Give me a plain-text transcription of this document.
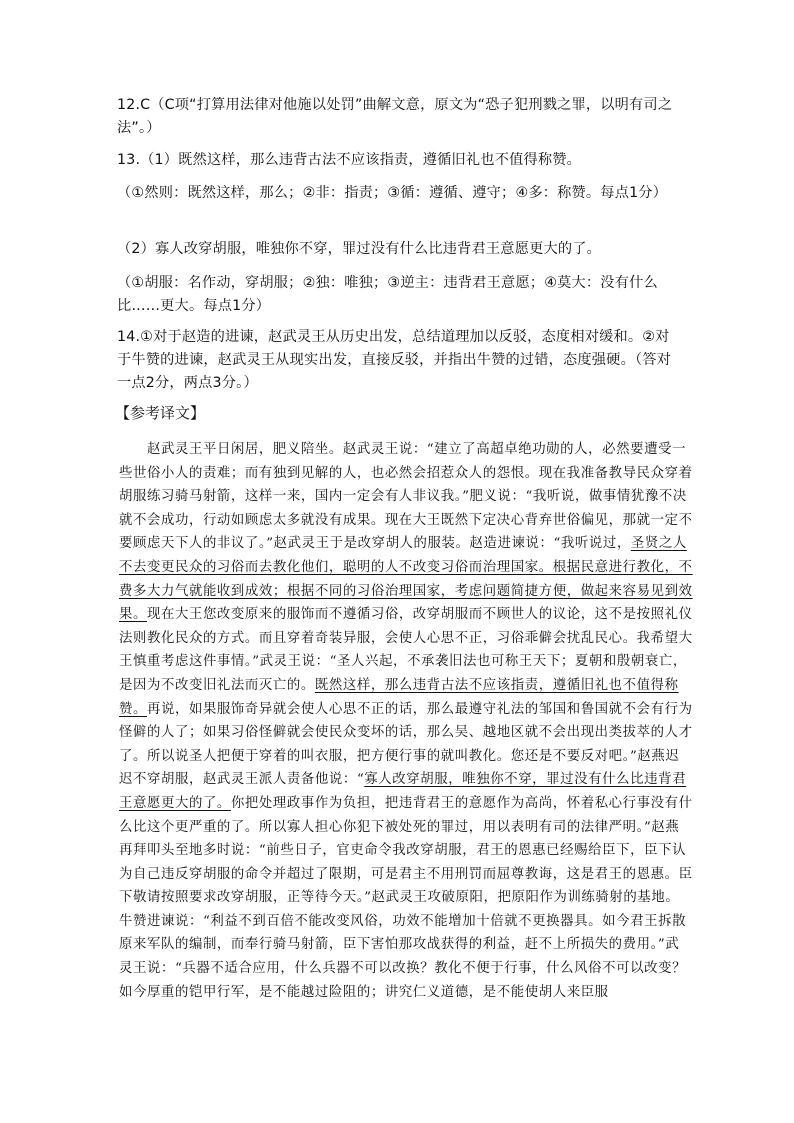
12.C（C项“打算用法律对他施以处罚”曲解文意，原文为“恐子犯刑戮之罪，以明有司之法”。）

13.（1）既然这样，那么违背古法不应该指责，遵循旧礼也不值得称赞。

（①然则：既然这样，那么；②非：指责；③循：遵循、遵守；④多：称赞。每点1分）

（2）寡人改穿胡服，唯独你不穿，罪过没有什么比违背君王意愿更大的了。

（①胡服：名作动，穿胡服；②独：唯独；③逆主：违背君王意愿；④莫大：没有什么比……更大。每点1分）

14.①对于赵造的进谏，赵武灵王从历史出发，总结道理加以反驳，态度相对缓和。②对于牛赞的进谏，赵武灵王从现实出发，直接反驳，并指出牛赞的过错，态度强硬。（答对一点2分，两点3分。）

【参考译文】

赵武灵王平日闲居，肥义陪坐。赵武灵王说：“建立了高超卓绝功勋的人，必然要遭受一些世俗小人的责难；而有独到见解的人，也必然会招惹众人的怨恨。现在我准备教导民众穿着胡服练习骑马射箭，这样一来，国内一定会有人非议我。”肥义说：“我听说，做事情犹豫不决就不会成功，行动如顾虑太多就没有成果。现在大王既然下定决心背弃世俗偏见，那就一定不要顾虑天下人的非议了。”赵武灵王于是改穿胡人的服装。赵造进谏说：“我听说过，圣贤之人不去变更民众的习俗而去教化他们，聪明的人不改变习俗而治理国家。根据民意进行教化，不费多大力气就能收到成效；根据不同的习俗治理国家，考虑问题简捷方便，做起来容易见到效果。现在大王您改变原来的服饰而不遵循习俗，改穿胡服而不顾世人的议论，这不是按照礼仪法则教化民众的方式。而且穿着奇装异服，会使人心思不正，习俗乖僻会扰乱民心。我希望大王慎重考虑这件事情。”武灵王说：“圣人兴起，不承袭旧法也可称王天下；夏朝和殷朝衰亡，是因为不改变旧礼法而灭亡的。既然这样，那么违背古法不应该指责，遵循旧礼也不值得称赞。再说，如果服饰奇异就会使人心思不正的话，那么最遵守礼法的邹国和鲁国就不会有行为怪僻的人了；如果习俗怪僻就会使民众变坏的话，那么吴、越地区就不会出现出类拔萃的人才了。所以说圣人把便于穿着的叫衣服，把方便行事的就叫教化。您还是不要反对吧。”赵燕迟迟不穿胡服，赵武灵王派人责备他说：“寡人改穿胡服，唯独你不穿，罪过没有什么比违背君王意愿更大的了。你把处理政事作为负担，把违背君王的意愿作为高尚，怀着私心行事没有什么比这个更严重的了。所以寡人担心你犯下被处死的罪过，用以表明有司的法律严明。”赵燕再拜叩头至地多时说：“前些日子，官吏命令我改穿胡服，君王的恩惠已经赐给臣下，臣下认为自己违反穿胡服的命令并超过了限期，可是君主不用刑罚而屈尊教诲，这是君王的恩惠。臣下敬请按照要求改穿胡服，正等待今天。”赵武灵王攻破原阳，把原阳作为训练骑射的基地。牛赞进谏说：“利益不到百倍不能改变风俗，功效不能增加十倍就不更换器具。如今君王拆散原来军队的编制，而奉行骑马射箭，臣下害怕那攻战获得的利益，赶不上所损失的费用。”武灵王说：“兵器不适合应用，什么兵器不可以改换？教化不便于行事，什么风俗不可以改变？如今厚重的铠甲行军，是不能越过险阻的；讲究仁义道德，是不能使胡人来臣服
